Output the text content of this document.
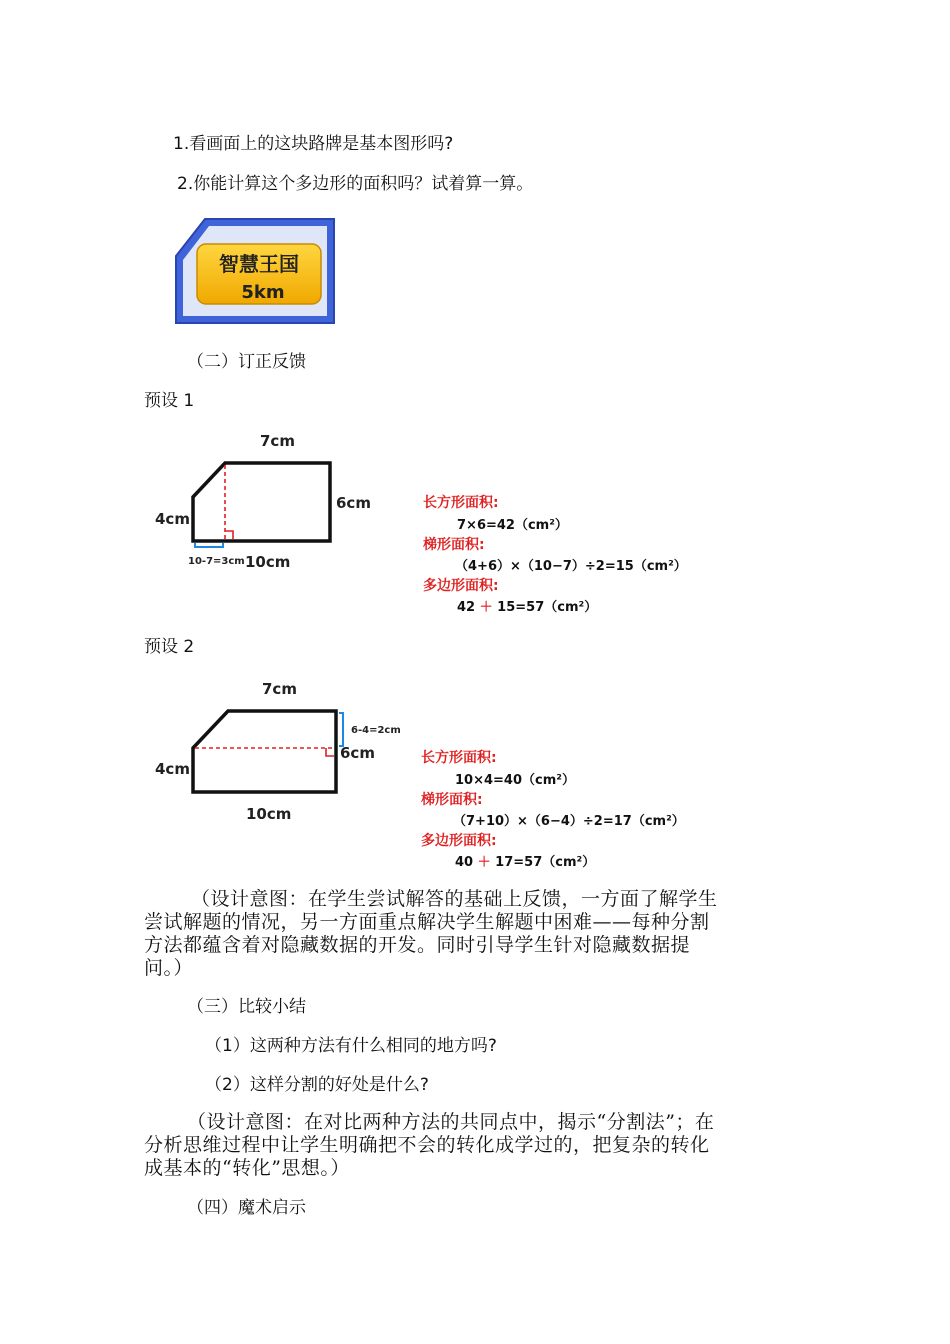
1.看画面上的这块路牌是基本图形吗?
2.你能计算这个多边形的面积吗？试着算一算。
智慧王国
5km
（二）订正反馈
预设 1
7cm
4cm
6cm
10cm
10-7=3cm
长方形面积:
7×6=42（cm²）
梯形面积:
（4+6）×（10−7）÷2=15（cm²）
多边形面积:
42 ＋ 15=57（cm²）
预设 2
7cm
4cm
6cm
10cm
6-4=2cm
长方形面积:
10×4=40（cm²）
梯形面积:
（7+10）×（6−4）÷2=17（cm²）
多边形面积:
40 ＋ 17=57（cm²）
（设计意图：在学生尝试解答的基础上反馈，一方面了解学生
尝试解题的情况，另一方面重点解决学生解题中困难——每种分割
方法都蕴含着对隐藏数据的开发。同时引导学生针对隐藏数据提
问。）
（三）比较小结
（1）这两种方法有什么相同的地方吗?
（2）这样分割的好处是什么?
（设计意图：在对比两种方法的共同点中，揭示“分割法”；在
分析思维过程中让学生明确把不会的转化成学过的，把复杂的转化
成基本的“转化”思想。）
（四）魔术启示
